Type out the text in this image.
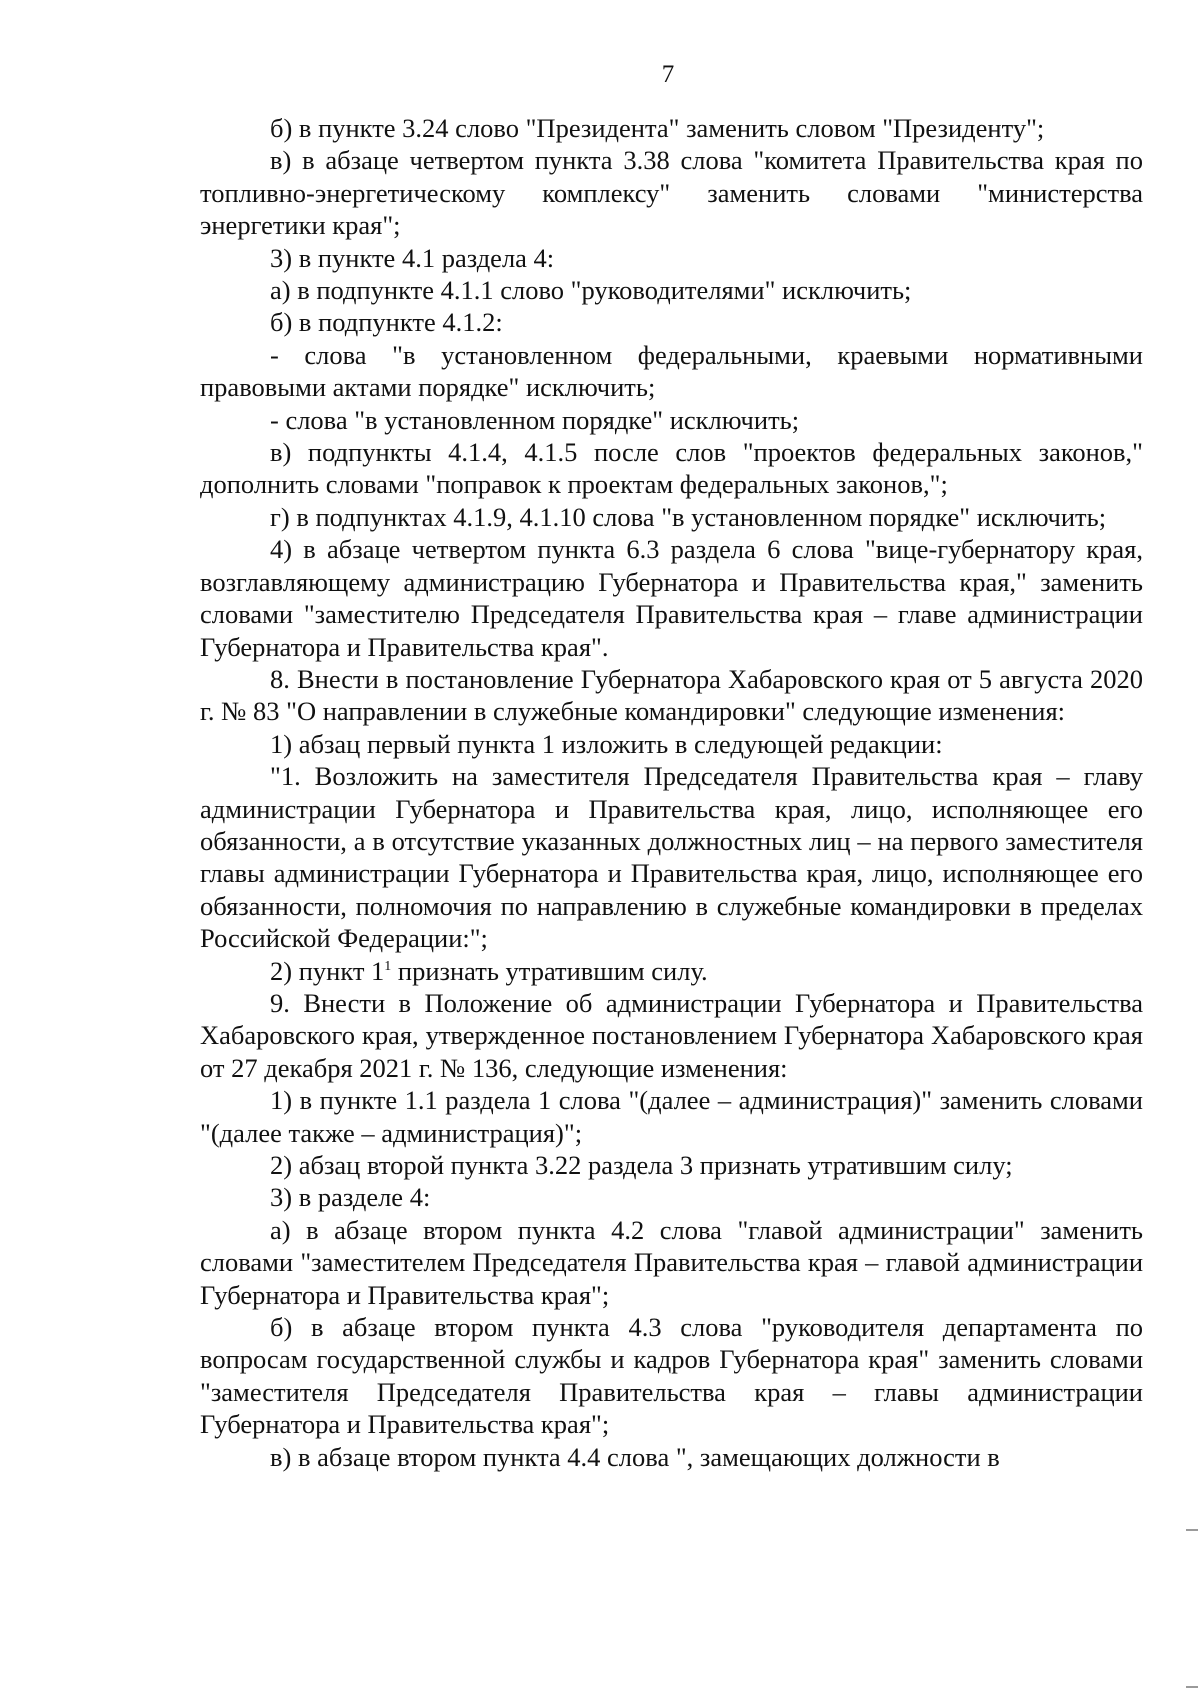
7

б) в пункте 3.24 слово "Президента" заменить словом "Президенту";

в) в абзаце четвертом пункта 3.38 слова "комитета Правительства края по топливно-энергетическому комплексу" заменить словами "министерства энергетики края";

3) в пункте 4.1 раздела 4:

а) в подпункте 4.1.1 слово "руководителями" исключить;

б) в подпункте 4.1.2:

- слова "в установленном федеральными, краевыми нормативными правовыми актами порядке" исключить;

- слова "в установленном порядке" исключить;

в) подпункты 4.1.4, 4.1.5 после слов "проектов федеральных законов," дополнить словами "поправок к проектам федеральных законов,";

г) в подпунктах 4.1.9, 4.1.10 слова "в установленном порядке" исключить;

4) в абзаце четвертом пункта 6.3 раздела 6 слова "вице-губернатору края, возглавляющему администрацию Губернатора и Правительства края," заменить словами "заместителю Председателя Правительства края – главе администрации Губернатора и Правительства края".

8. Внести в постановление Губернатора Хабаровского края от 5 августа 2020 г. № 83 "О направлении в служебные командировки" следующие изменения:

1) абзац первый пункта 1 изложить в следующей редакции:

"1. Возложить на заместителя Председателя Правительства края – главу администрации Губернатора и Правительства края, лицо, исполняющее его обязанности, а в отсутствие указанных должностных лиц – на первого заместителя главы администрации Губернатора и Правительства края, лицо, исполняющее его обязанности, полномочия по направлению в служебные командировки в пределах Российской Федерации:";

2) пункт $1^1$ признать утратившим силу.

9. Внести в Положение об администрации Губернатора и Правительства Хабаровского края, утвержденное постановлением Губернатора Хабаровского края от 27 декабря 2021 г. № 136, следующие изменения:

1) в пункте 1.1 раздела 1 слова "(далее – администрация)" заменить словами "(далее также – администрация)";

2) абзац второй пункта 3.22 раздела 3 признать утратившим силу;

3) в разделе 4:

а) в абзаце втором пункта 4.2 слова "главой администрации" заменить словами "заместителем Председателя Правительства края – главой администрации Губернатора и Правительства края";

б) в абзаце втором пункта 4.3 слова "руководителя департамента по вопросам государственной службы и кадров Губернатора края" заменить словами "заместителя Председателя Правительства края – главы администрации Губернатора и Правительства края";

в) в абзаце втором пункта 4.4 слова ", замещающих должности в
